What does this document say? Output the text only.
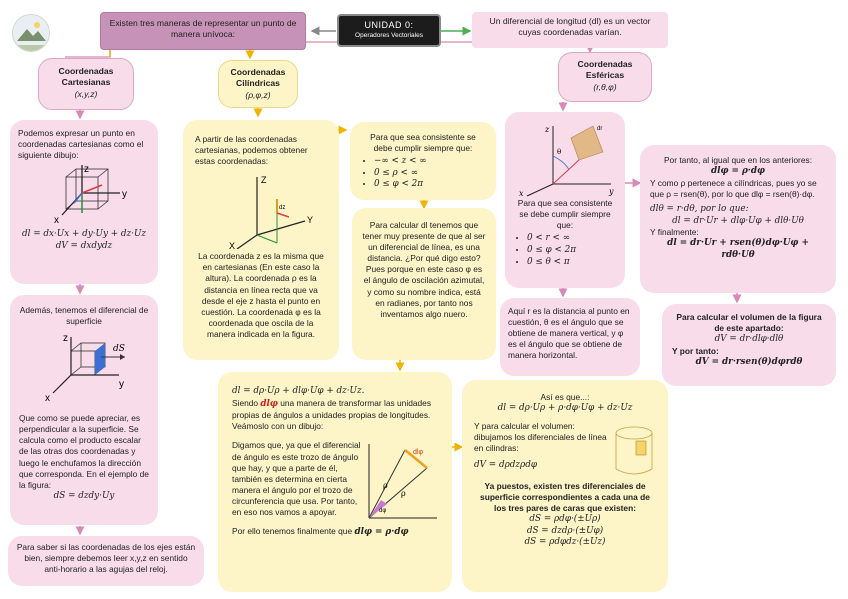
Existen tres maneras de representar un punto de manera unívoca:
UNIDAD 0:
Operadores Vectoriales
Un diferencial de longitud (dl) es un vector cuyas coordenadas varían.
Coordenadas Cartesianas
(x,y,z)
Coordenadas Cilíndricas
(ρ,φ,z)
Coordenadas Esféricas
(r,θ,φ)
Podemos expresar un punto en coordenadas cartesianas como el siguiente dibujo:
z
y
x
dl = dx·Ux + dy·Uy + dz·Uz
dV = dxdydz
Además, tenemos el diferencial de superficie
z
y
x
dS
Que como se puede apreciar, es perpendicular a la superficie. Se calcula como el producto escalar de las otras dos coordenadas y luego le enchufamos la dirección que corresponda. En el ejemplo de la figura:
dS = dzdy·Uy
Para saber si las coordenadas de los ejes están bien, siempre debemos leer x,y,z en sentido anti-horario a las agujas del reloj.
A partir de las coordenadas cartesianas, podemos obtener estas coordenadas:
Z
Y
X
dz
La coordenada z es la misma que en cartesianas (En este caso la altura). La coordenada ρ es la distancia en línea recta que va desde el eje z hasta el punto en cuestión. La coordenada φ es la coordenada que oscila de la manera indicada en la figura.
Para que sea consistente se debe cumplir siempre que:
• −∞ < z < ∞
• 0 ≤ ρ < ∞
• 0 ≤ φ < 2π
Para calcular dl tenemos que tener muy presente de que al ser un diferencial de línea, es una distancia. ¿Por qué digo esto? Pues porque en este caso φ es el ángulo de oscilación azimutal, y como su nombre indica, está en radianes, por tanto nos inventamos algo nuero.
dl = dρ·Uρ + dlφ·Uφ + dz·Uz.
Siendo dlφ una manera de transformar las unidades propias de ángulos a unidades propias de longitudes. Veámoslo con un dibujo:
Digamos que, ya que el diferencial de ángulo es este trozo de ángulo que hay, y que a parte de él, también es determina en cierta manera el ángulo por el trozo de circunferencia que usa. Por tanto, en eso nos vamos a apoyar.
dlφ
ρ
ρ
dφ
Por ello tenemos finalmente que dlφ = ρ·dφ
Así es que...:
dl = dρ·Uρ + ρ·dφ·Uφ + dz·Uz
Y para calcular el volumen: dibujamos los diferenciales de línea en cilindras:
dV = dρdzρdφ
Ya puestos, existen tres diferenciales de superficie correspondientes a cada una de los tres pares de caras que existen:
dS = ρdφ·(±Uρ)
dS = dzdρ·(±Uφ)
dS = ρdφdz·(±Uz)
z
y
x
dr
θ
Para que sea consistente se debe cumplir siempre que:
• 0 < r < ∞
• 0 ≤ φ < 2π
• 0 ≤ θ < π
Aquí r es la distancia al punto en cuestión, θ es el ángulo que se obtiene de manera vertical, y φ es el ángulo que se obtiene de manera horizontal.
Por tanto, al igual que en los anteriores:
dlφ = ρ·dφ
Y como ρ pertenece a cilíndricas, pues yo se que ρ = rsen(θ), por lo que dlφ = rsen(θ)·dφ.
dlθ = r·dθ, por lo que:
dl = dr·Ur + dlφ·Uφ + dlθ·Uθ
Y finalmente:
dl = dr·Ur + rsen(θ)dφ·Uφ + rdθ·Uθ
Para calcular el volumen de la figura de este apartado:
dV = dr·dlφ·dlθ
Y por tanto:
dV = dr·rsen(θ)dφrdθ
